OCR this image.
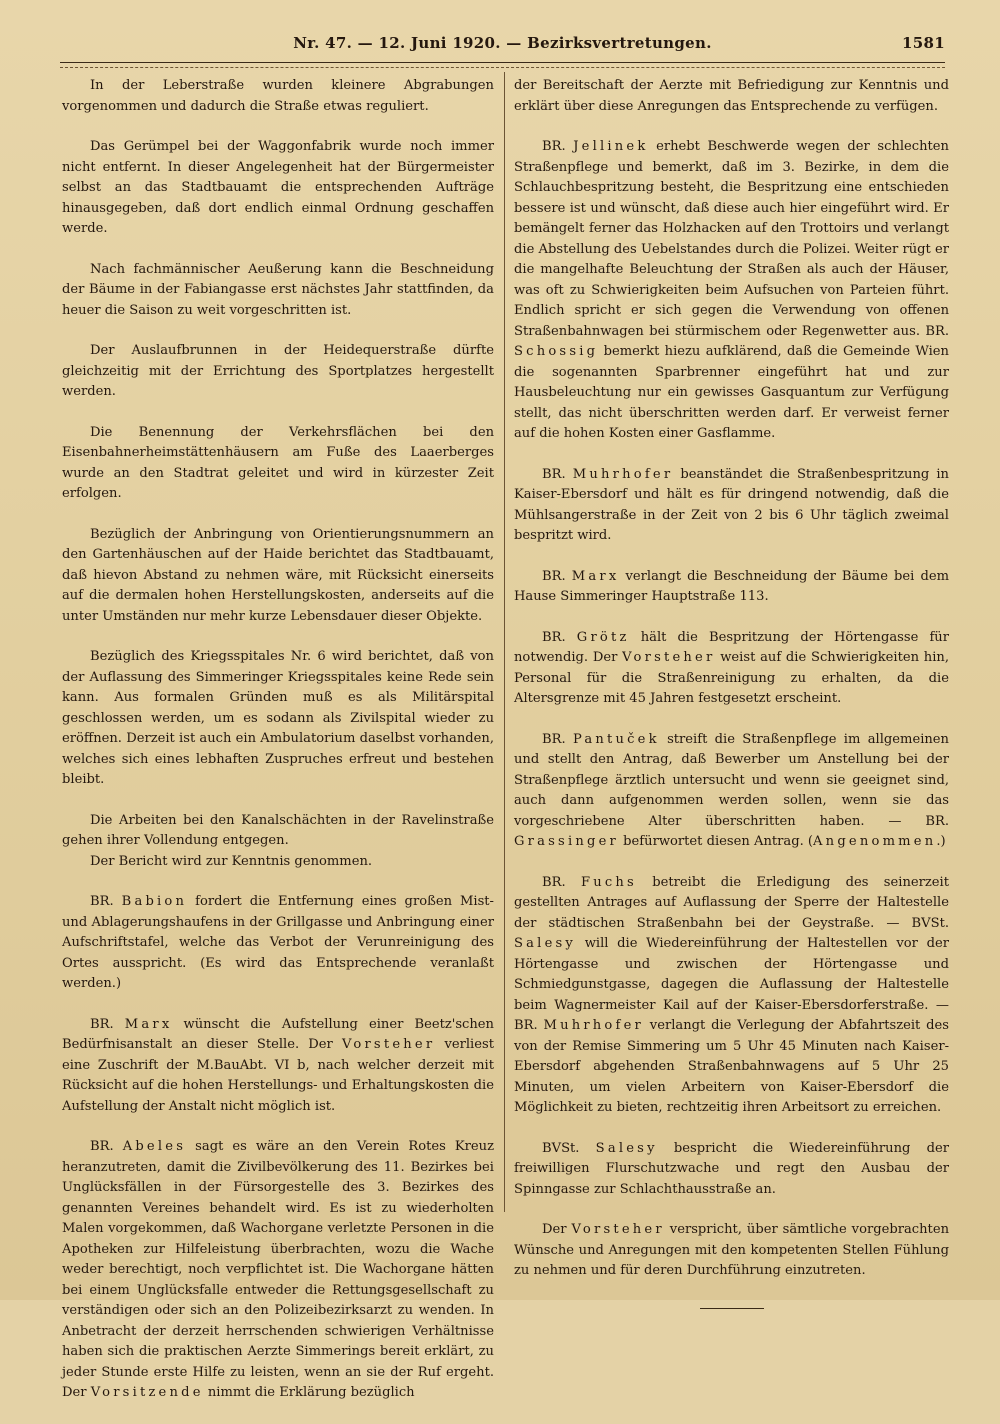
Nr. 47. — 12. Juni 1920. — Bezirksvertretungen.	1581

In der Leberstraße wurden kleinere Abgrabungen vorgenommen und dadurch die Straße etwas reguliert.

Das Gerümpel bei der Waggonfabrik wurde noch immer nicht entfernt. In dieser Angelegenheit hat der Bürgermeister selbst an das Stadtbauamt die entsprechenden Aufträge hinausgegeben, daß dort endlich einmal Ordnung geschaffen werde.

Nach fachmännischer Aeußerung kann die Beschneidung der Bäume in der Fabiangasse erst nächstes Jahr stattfinden, da heuer die Saison zu weit vorgeschritten ist.

Der Auslaufbrunnen in der Heidequerstraße dürfte gleichzeitig mit der Errichtung des Sportplatzes hergestellt werden.

Die Benennung der Verkehrsflächen bei den Eisenbahnerheimstättenhäusern am Fuße des Laaerberges wurde an den Stadtrat geleitet und wird in kürzester Zeit erfolgen.

Bezüglich der Anbringung von Orientierungsnummern an den Gartenhäuschen auf der Haide berichtet das Stadtbauamt, daß hievon Abstand zu nehmen wäre, mit Rücksicht einerseits auf die dermalen hohen Herstellungskosten, anderseits auf die unter Umständen nur mehr kurze Lebensdauer dieser Objekte.

Bezüglich des Kriegsspitales Nr. 6 wird berichtet, daß von der Auflassung des Simmeringer Kriegsspitales keine Rede sein kann. Aus formalen Gründen muß es als Militärspital geschlossen werden, um es sodann als Zivilspital wieder zu eröffnen. Derzeit ist auch ein Ambulatorium daselbst vorhanden, welches sich eines lebhaften Zuspruches erfreut und bestehen bleibt.

Die Arbeiten bei den Kanalschächten in der Ravelinstraße gehen ihrer Vollendung entgegen.

Der Bericht wird zur Kenntnis genommen.

BR. Babion fordert die Entfernung eines großen Mist- und Ablagerungshaufens in der Grillgasse und Anbringung einer Aufschriftstafel, welche das Verbot der Verunreinigung des Ortes ausspricht. (Es wird das Entsprechende veranlaßt werden.)

BR. Marx wünscht die Aufstellung einer Beetz'schen Bedürfnisanstalt an dieser Stelle. Der Vorsteher verliest eine Zuschrift der M.BauAbt. VI b, nach welcher derzeit mit Rücksicht auf die hohen Herstellungs- und Erhaltungskosten die Aufstellung der Anstalt nicht möglich ist.

BR. Abeles sagt es wäre an den Verein Rotes Kreuz heranzutreten, damit die Zivilbevölkerung des 11. Bezirkes bei Unglücksfällen in der Fürsorgestelle des 3. Bezirkes des genannten Vereines behandelt wird. Es ist zu wiederholten Malen vorgekommen, daß Wachorgane verletzte Personen in die Apotheken zur Hilfeleistung überbrachten, wozu die Wache weder berechtigt, noch verpflichtet ist. Die Wachorgane hätten bei einem Unglücksfalle entweder die Rettungsgesellschaft zu verständigen oder sich an den Polizeibezirksarzt zu wenden. In Anbetracht der derzeit herrschenden schwierigen Verhältnisse haben sich die praktischen Aerzte Simmerings bereit erklärt, zu jeder Stunde erste Hilfe zu leisten, wenn an sie der Ruf ergeht. Der Vorsitzende nimmt die Erklärung bezüglich

der Bereitschaft der Aerzte mit Befriedigung zur Kenntnis und erklärt über diese Anregungen das Entsprechende zu verfügen.

BR. Jellinek erhebt Beschwerde wegen der schlechten Straßenpflege und bemerkt, daß im 3. Bezirke, in dem die Schlauchbespritzung besteht, die Bespritzung eine entschieden bessere ist und wünscht, daß diese auch hier eingeführt wird. Er bemängelt ferner das Holzhacken auf den Trottoirs und verlangt die Abstellung des Uebelstandes durch die Polizei. Weiter rügt er die mangelhafte Beleuchtung der Straßen als auch der Häuser, was oft zu Schwierigkeiten beim Aufsuchen von Parteien führt. Endlich spricht er sich gegen die Verwendung von offenen Straßenbahnwagen bei stürmischem oder Regenwetter aus. BR. Schossig bemerkt hiezu aufklärend, daß die Gemeinde Wien die sogenannten Sparbrenner eingeführt hat und zur Hausbeleuchtung nur ein gewisses Gasquantum zur Verfügung stellt, das nicht überschritten werden darf. Er verweist ferner auf die hohen Kosten einer Gasflamme.

BR. Muhrhofer beanständet die Straßenbespritzung in Kaiser-Ebersdorf und hält es für dringend notwendig, daß die Mühlsangerstraße in der Zeit von 2 bis 6 Uhr täglich zweimal bespritzt wird.

BR. Marx verlangt die Beschneidung der Bäume bei dem Hause Simmeringer Hauptstraße 113.

BR. Grötz hält die Bespritzung der Hörtengasse für notwendig. Der Vorsteher weist auf die Schwierigkeiten hin, Personal für die Straßenreinigung zu erhalten, da die Altersgrenze mit 45 Jahren festgesetzt erscheint.

BR. Pantuček streift die Straßenpflege im allgemeinen und stellt den Antrag, daß Bewerber um Anstellung bei der Straßenpflege ärztlich untersucht und wenn sie geeignet sind, auch dann aufgenommen werden sollen, wenn sie das vorgeschriebene Alter überschritten haben. — BR. Grassinger befürwortet diesen Antrag. (Angenommen.)

BR. Fuchs betreibt die Erledigung des seinerzeit gestellten Antrages auf Auflassung der Sperre der Haltestelle der städtischen Straßenbahn bei der Geystraße. — BVSt. Salesy will die Wiedereinführung der Haltestellen vor der Hörtengasse und zwischen der Hörtengasse und Schmiedgunstgasse, dagegen die Auflassung der Haltestelle beim Wagnermeister Kail auf der Kaiser-Ebersdorferstraße. — BR. Muhrhofer verlangt die Verlegung der Abfahrtszeit des von der Remise Simmering um 5 Uhr 45 Minuten nach Kaiser-Ebersdorf abgehenden Straßenbahnwagens auf 5 Uhr 25 Minuten, um vielen Arbeitern von Kaiser-Ebersdorf die Möglichkeit zu bieten, rechtzeitig ihren Arbeitsort zu erreichen.

BVSt. Salesy bespricht die Wiedereinführung der freiwilligen Flurschutzwache und regt den Ausbau der Spinngasse zur Schlachthausstraße an.

Der Vorsteher verspricht, über sämtliche vorgebrachten Wünsche und Anregungen mit den kompetenten Stellen Fühlung zu nehmen und für deren Durchführung einzutreten.
